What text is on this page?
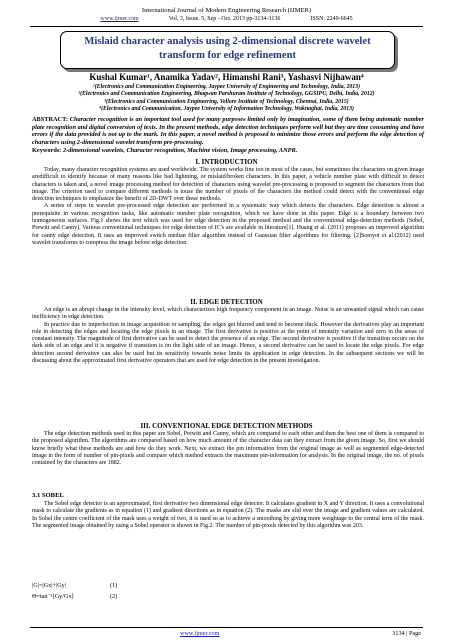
International Journal of Modern Engineering Research (IJMER)
www.ijmer.com	Vol. 3, Issue. 5, Sep - Oct. 2013 pp-3134-3136	ISSN: 2249-6645
Mislaid character analysis using 2-dimensional discrete wavelet
transform for edge refinement
Kushal Kumar¹, Anamika Yadav², Himanshi Rani³, Yashasvi Nijhawan⁴
¹(Electronics and Communication Engineering, Jaypee University of Engineering and Technology, India, 2013)
²(Electronics and Communication Engineering, Bhagwan Parshuram Institute of Technology, GGSIPU, Delhi, India, 2012)
³(Electronics and Communication Engineering, Vellore Institute of Technology, Chennai, India, 2015)
⁴(Electronics and Communication, Jaypee University of Information Technology, Waknaghat, India, 2013)
ABSTRACT: Character recognition is an important tool used for many purposes limited only by imagination, some of them being automatic number plate recognition and digital conversion of texts. In the present methods, edge detection techniques perform well but they are time consuming and have errors if the data provided is not up to the mark. In this paper, a novel method is proposed to minimize those errors and perform the edge detection of characters using 2-dimensional wavelet transform pre-processing.
Keywords: 2-dimensional wavelets, Character recognition, Machine vision, Image processing, ANPR.
I. INTRODUCTION

Today, many character recognition systems are used worldwide. The system works fine too in most of the cases, but sometimes the characters on given image aredifficult to identify because of many reasons like bad lightning, or mislaid/broken characters. In this paper, a vehicle number plate with difficult to detect characters is taken and, a novel image processing method for detection of characters using wavelet pre-processing is proposed to segment the characters from that image. The criterion used to compare different methods is touse the number of pixels of the characters the method could detect with the conventional edge detection techniques to emphasize the benefit of 2D-DWT over these methods.

A series of steps in wavelet pre-processed edge detection are performed in a systematic way which detects the characters. Edge detection is almost a prerequisite in various recognition tasks, like automatic number plate recognition, which we have done in this paper. Edge is a boundary between two homogeneous surfaces. Fig.1 shows the text which was used for edge detection in the proposed method and the conventional edge-detection methods (Sobel, Prewitt and Canny). Various conventional techniques for edge detection of IC's are available in literature[1]. Huang et al. (2011) proposes an improved algorithm for canny edge detection. It uses an improved switch median filter algorithm instead of Gaussian filter algorithms for filtering. [2]Somyot et al.(2012) used wavelet transforms to compress the image before edge detection.

II. EDGE DETECTION

An edge is an abrupt change in the intensity level, which characterizes high frequency component in an image. Noise is an unwanted signal which can cause inefficiency in edge detection.

In practice due to imperfection in image acquisition or sampling, the edges get blurred and tend to become thick. However the derivatives play an important role in detecting the edges and locating the edge pixels in an image. The first derivative is positive at the point of intensity variation and zero in the areas of constant intensity. The magnitude of first derivative can be used to detect the presence of an edge. The second derivative is positive if the transition occurs on the dark side of an edge and it is negative if transition is on the light side of an image. Hence, a second derivative can be used to locate the edge pixels. For edge detection second derivative can also be used but its sensitivity towards noise limits its application in edge detection. In the subsequent sections we will be discussing about the approximated first derivative operators that are used for edge detection in the present investigation.

III. CONVENTIONAL EDGE DETECTION METHODS

The edge detection methods used in this paper are Sobel, Prewitt and Canny, which are compared to each other and then the best one of them is compared to the proposed algorithm. The algorithms are compared based on how much amount of the character data can they extract from the given image. So, first we should know briefly what these methods are and how do they work. Next, we extract the pin information from the original image as well as segmented edge-detected image in the form of number of pin-pixels and compare which method extracts the maximum pin-information for analysis. In the original image, the no. of pixels contained by the characters are 1882.

3.1 SOBEL

The Sobel edge detector is an approximated, first derivative two dimensional edge detector. It calculates gradient in X and Y direction. It uses a convolutional mask to calculate the gradients as in equation (1) and gradient directions as in equation (2). The masks are slid over the image and gradient values are calculated. In Sobel the centre coefficient of the mask uses a weight of two, it is used so as to achieve a smoothing by giving more weightage to the central term of the mask. The segmented image obtained by using a Sobel operator is shown in Fig.2. The number of pin-pixels detected by this algorithm was 203.

|G|=|Gx|+|Gy|	(1)
Θ=tan⁻¹[Gy/Gx]	(2)
www.ijmer.com	3134 | Page
